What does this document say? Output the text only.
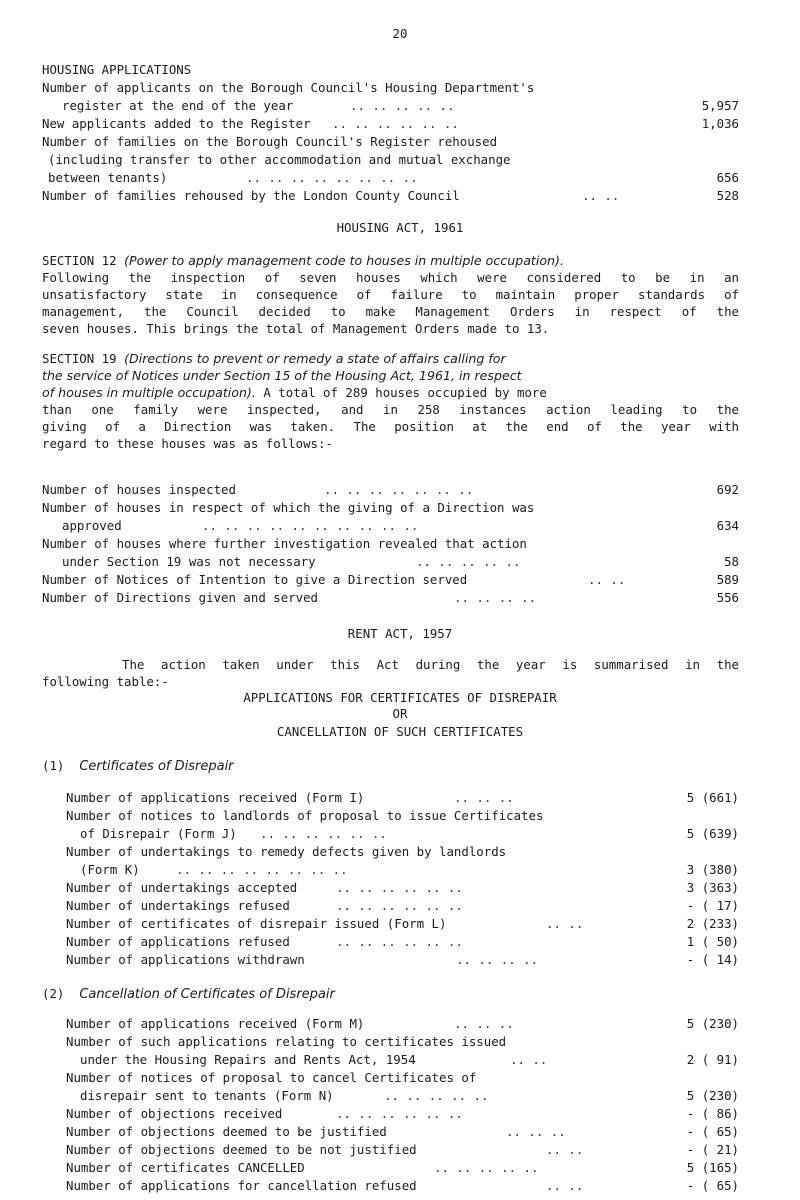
20
HOUSING APPLICATIONS
Number of applicants on the Borough Council's Housing Department's
register at the end of the year	.. .. .. .. ..	5,957
New applicants added to the Register .. .. .. .. .. ..	1,036
Number of families on the Borough Council's Register rehoused
(including transfer to other accommodation and mutual exchange
between tenants)	.. .. .. .. .. .. .. ..	656
Number of families rehoused by the London County Council	.. ..	528
HOUSING ACT, 1961
SECTION 12 (Power to apply management code to houses in multiple occupation).
Following the inspection of seven houses which were considered to be in an
unsatisfactory state in consequence of failure to maintain proper standards of
management, the Council decided to make Management Orders in respect of the
seven houses. This brings the total of Management Orders made to 13.
SECTION 19 (Directions to prevent or remedy a state of affairs calling for
the service of Notices under Section 15 of the Housing Act, 1961, in respect
of houses in multiple occupation). A total of 289 houses occupied by more
than one family were inspected, and in 258 instances action leading to the
giving of a Direction was taken. The position at the end of the year with
regard to these houses was as follows:-
Number of houses inspected	.. .. .. .. .. .. ..	692
Number of houses in respect of which the giving of a Direction was
approved	.. .. .. .. .. .. .. .. .. ..	634
Number of houses where further investigation revealed that action
under Section 19 was not necessary	.. .. .. .. ..	58
Number of Notices of Intention to give a Direction served	.. ..	589
Number of Directions given and served	.. .. .. ..	556
RENT ACT, 1957
The action taken under this Act during the year is summarised in the
following table:-
APPLICATIONS FOR CERTIFICATES OF DISREPAIR
OR
CANCELLATION OF SUCH CERTIFICATES
(1) Certificates of Disrepair
Number of applications received (Form I)	.. .. ..	5 (661)
Number of notices to landlords of proposal to issue Certificates
of Disrepair (Form J) .. .. .. .. .. ..	5 (639)
Number of undertakings to remedy defects given by landlords
(Form K)	.. .. .. .. .. .. .. ..	3 (380)
Number of undertakings accepted	.. .. .. .. .. ..	3 (363)
Number of undertakings refused	.. .. .. .. .. ..	- ( 17)
Number of certificates of disrepair issued (Form L)	.. ..	2 (233)
Number of applications refused	.. .. .. .. .. ..	1 ( 50)
Number of applications withdrawn	.. .. .. ..	- ( 14)
(2) Cancellation of Certificates of Disrepair
Number of applications received (Form M)	.. .. ..	5 (230)
Number of such applications relating to certificates issued
under the Housing Repairs and Rents Act, 1954	.. ..	2 ( 91)
Number of notices of proposal to cancel Certificates of
disrepair sent to tenants (Form N)	.. .. .. .. ..	5 (230)
Number of objections received	.. .. .. .. .. ..	- ( 86)
Number of objections deemed to be justified	.. .. ..	- ( 65)
Number of objections deemed to be not justified	.. ..	- ( 21)
Number of certificates CANCELLED	.. .. .. .. ..	5 (165)
Number of applications for cancellation refused	.. ..	- ( 65)
